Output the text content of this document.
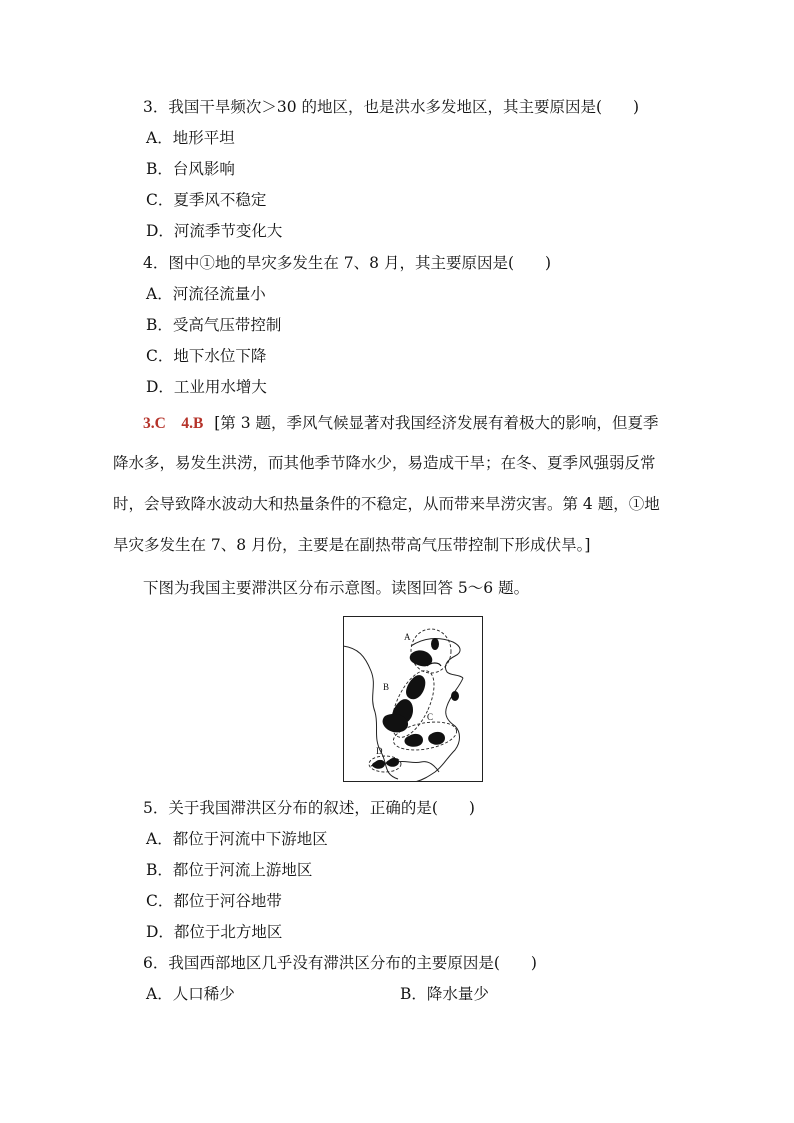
3．我国干旱频次＞30 的地区，也是洪水多发地区，其主要原因是(　　)
A．地形平坦
B．台风影响
C．夏季风不稳定
D．河流季节变化大
4．图中①地的旱灾多发生在 7、8 月，其主要原因是(　　)
A．河流径流量小
B．受高气压带控制
C．地下水位下降
D．工业用水增大
3.C　4.B [第 3 题，季风气候显著对我国经济发展有着极大的影响，但夏季
降水多，易发生洪涝，而其他季节降水少，易造成干旱；在冬、夏季风强弱反常
时，会导致降水波动大和热量条件的不稳定，从而带来旱涝灾害。第 4 题，①地
旱灾多发生在 7、8 月份，主要是在副热带高气压带控制下形成伏旱。]
下图为我国主要滞洪区分布示意图。读图回答 5～6 题。
A
B
C
D
5．关于我国滞洪区分布的叙述，正确的是(　　)
A．都位于河流中下游地区
B．都位于河流上游地区
C．都位于河谷地带
D．都位于北方地区
6．我国西部地区几乎没有滞洪区分布的主要原因是(　　)
A．人口稀少	B．降水量少
